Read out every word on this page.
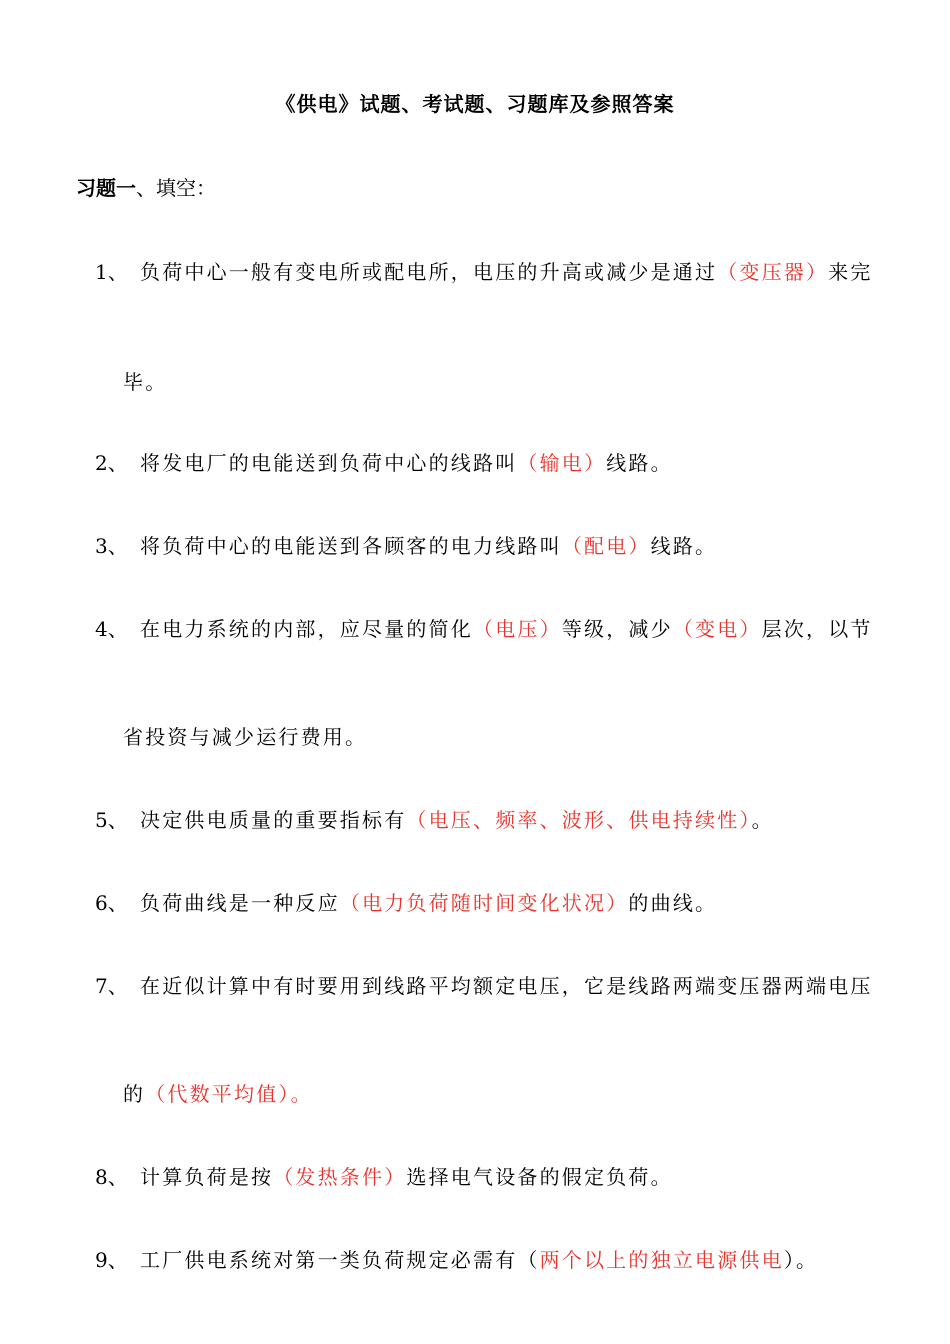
《供电》试题、考试题、习题库及参照答案
习题一、填空：
1、 负荷中心一般有变电所或配电所，电压的升高或减少是通过（变压器）来完
毕。
2、 将发电厂的电能送到负荷中心的线路叫（输电）线路。
3、 将负荷中心的电能送到各顾客的电力线路叫（配电）线路。
4、 在电力系统的内部，应尽量的简化（电压）等级，减少（变电）层次，以节
省投资与减少运行费用。
5、 决定供电质量的重要指标有（电压、频率、波形、供电持续性）。
6、 负荷曲线是一种反应（电力负荷随时间变化状况）的曲线。
7、 在近似计算中有时要用到线路平均额定电压，它是线路两端变压器两端电压
的（代数平均值）。
8、 计算负荷是按（发热条件）选择电气设备的假定负荷。
9、 工厂供电系统对第一类负荷规定必需有（两个以上的独立电源供电）。
